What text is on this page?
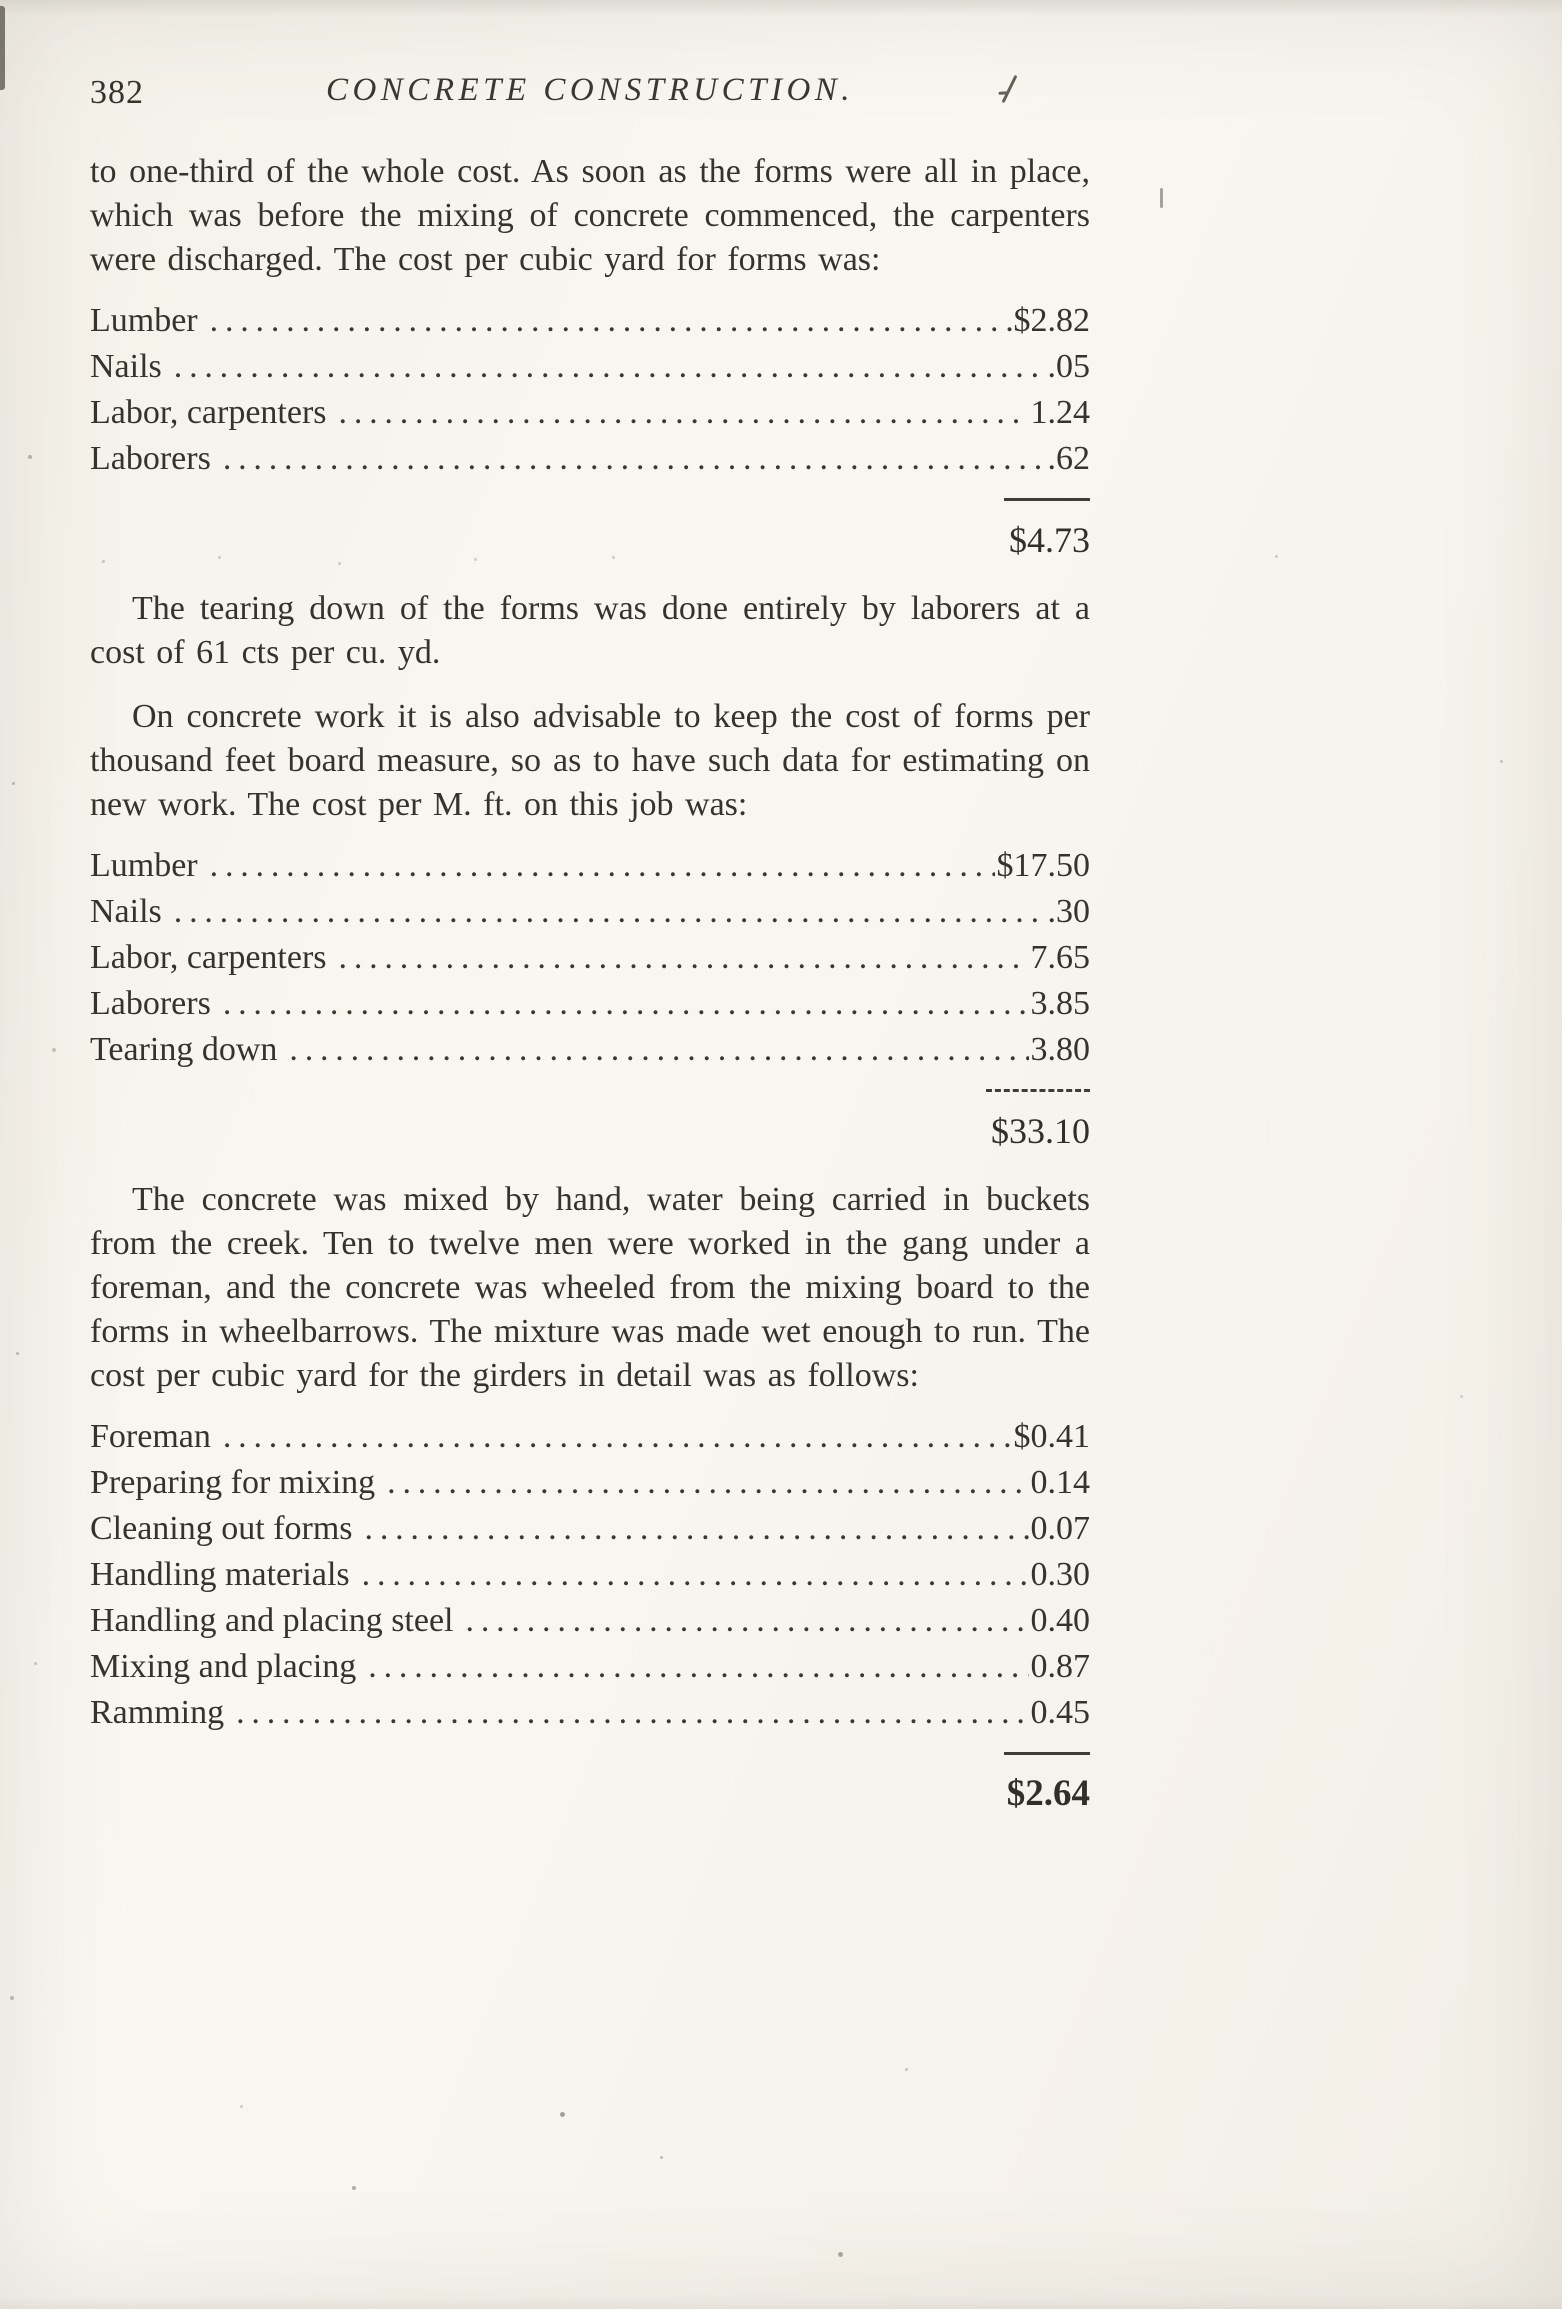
382	CONCRETE CONSTRUCTION.

to one-third of the whole cost. As soon as the forms were all in place, which was before the mixing of concrete commenced, the carpenters were discharged. The cost per cubic yard for forms was:

Lumber .....	$2.82
Nails .....	.05
Labor, carpenters .....	1.24
Laborers .....	.62
$4.73

The tearing down of the forms was done entirely by laborers at a cost of 61 cts per cu. yd.

On concrete work it is also advisable to keep the cost of forms per thousand feet board measure, so as to have such data for estimating on new work. The cost per M. ft. on this job was:

Lumber .....	$17.50
Nails .....	.30
Labor, carpenters .....	7.65
Laborers .....	3.85
Tearing down .....	3.80
$33.10

The concrete was mixed by hand, water being carried in buckets from the creek. Ten to twelve men were worked in the gang under a foreman, and the concrete was wheeled from the mixing board to the forms in wheelbarrows. The mixture was made wet enough to run. The cost per cubic yard for the girders in detail was as follows:

Foreman .....	$0.41
Preparing for mixing .....	0.14
Cleaning out forms .....	0.07
Handling materials .....	0.30
Handling and placing steel .....	0.40
Mixing and placing .....	0.87
Ramming .....	0.45
$2.64
